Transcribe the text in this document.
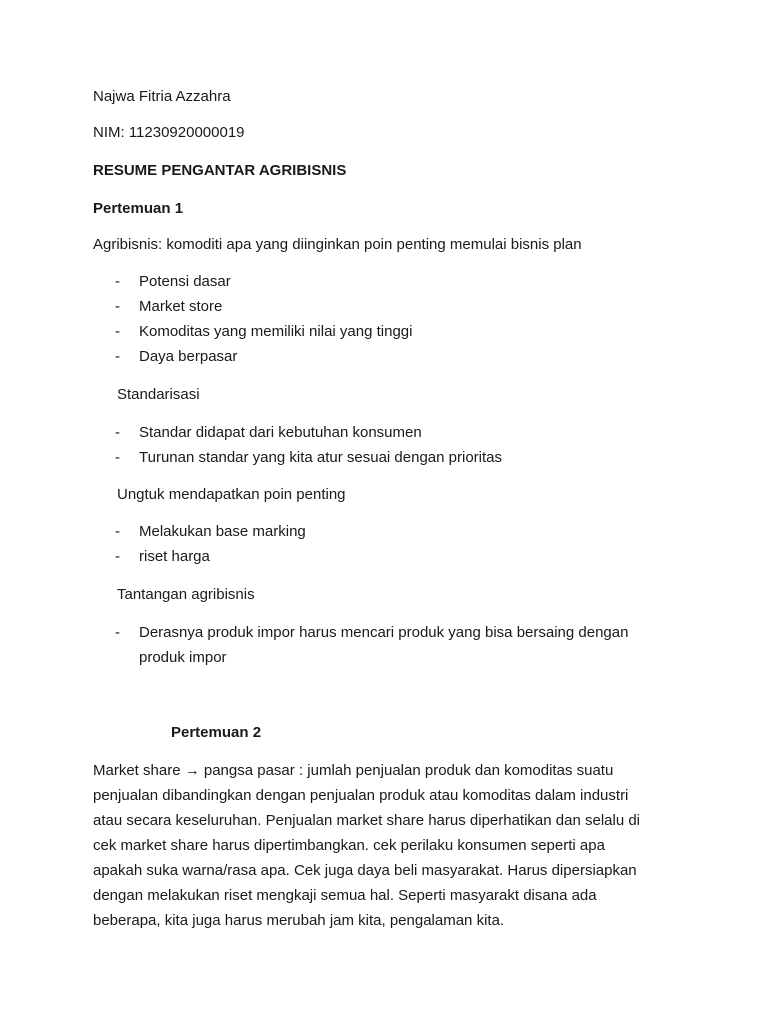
Najwa Fitria Azzahra
NIM: 11230920000019
RESUME PENGANTAR AGRIBISNIS
Pertemuan 1
Agribisnis: komoditi apa yang diinginkan poin penting memulai bisnis plan
- Potensi dasar
- Market store
- Komoditas yang memiliki nilai yang tinggi
- Daya berpasar
Standarisasi
- Standar didapat dari kebutuhan konsumen
- Turunan standar yang kita atur sesuai dengan prioritas
Ungtuk mendapatkan poin penting
- Melakukan base marking
- riset harga
Tantangan agribisnis
- Derasnya produk impor harus mencari produk yang bisa bersaing dengan
produk impor
Pertemuan 2
Market share → pangsa pasar : jumlah penjualan produk dan komoditas suatu
penjualan dibandingkan dengan penjualan produk atau komoditas dalam industri
atau secara keseluruhan. Penjualan market share harus diperhatikan dan selalu di
cek market share harus dipertimbangkan. cek perilaku konsumen seperti apa
apakah suka warna/rasa apa. Cek juga daya beli masyarakat. Harus dipersiapkan
dengan melakukan riset mengkaji semua hal. Seperti masyarakt disana ada
beberapa, kita juga harus merubah jam kita, pengalaman kita.
